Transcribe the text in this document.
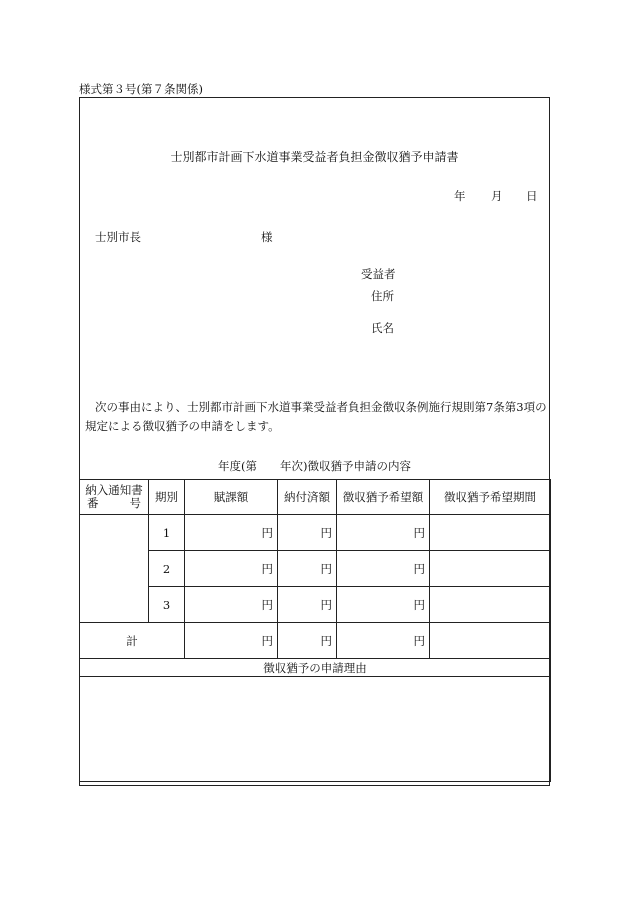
様式第３号(第７条関係)
士別都市計画下水道事業受益者負担金徴収猶予申請書
年 月 日
士別市長	様
受益者
住所
氏名
次の事由により、士別都市計画下水道事業受益者負担金徴収条例施行規則第7条第3項の規定による徴収猶予の申請をします。
年度(第　　年次)徴収猶予申請の内容
納入通知書
番 号	期別	賦課額	納付済額	徴収猶予希望額	徴収猶予希望期間
	1	円	円	円	
	2	円	円	円	
	3	円	円	円	
計		円	円	円	
徴収猶予の申請理由					
